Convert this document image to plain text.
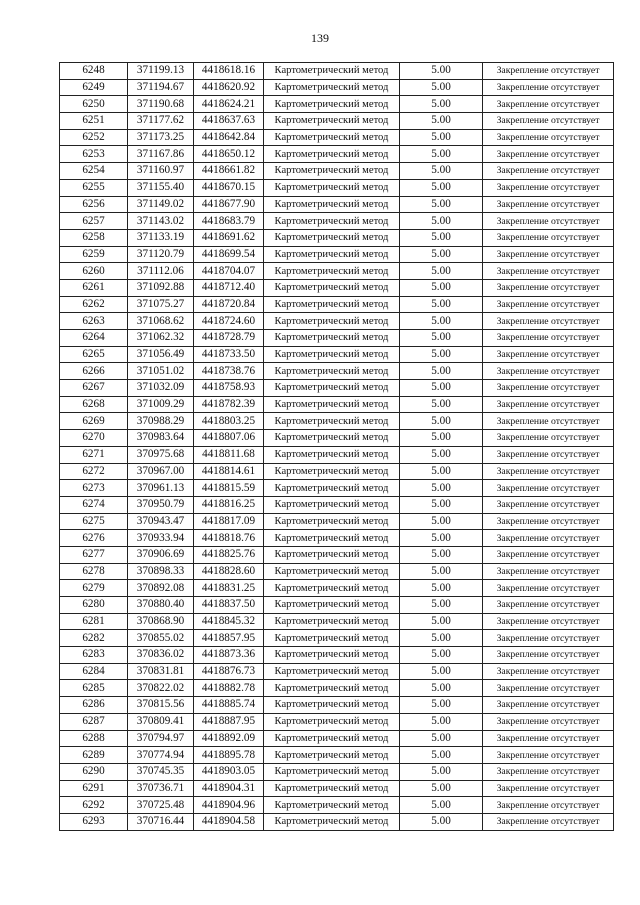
139
6248	371199.13	4418618.16	Картометрический метод	5.00	Закрепление отсутствует
6249	371194.67	4418620.92	Картометрический метод	5.00	Закрепление отсутствует
6250	371190.68	4418624.21	Картометрический метод	5.00	Закрепление отсутствует
6251	371177.62	4418637.63	Картометрический метод	5.00	Закрепление отсутствует
6252	371173.25	4418642.84	Картометрический метод	5.00	Закрепление отсутствует
6253	371167.86	4418650.12	Картометрический метод	5.00	Закрепление отсутствует
6254	371160.97	4418661.82	Картометрический метод	5.00	Закрепление отсутствует
6255	371155.40	4418670.15	Картометрический метод	5.00	Закрепление отсутствует
6256	371149.02	4418677.90	Картометрический метод	5.00	Закрепление отсутствует
6257	371143.02	4418683.79	Картометрический метод	5.00	Закрепление отсутствует
6258	371133.19	4418691.62	Картометрический метод	5.00	Закрепление отсутствует
6259	371120.79	4418699.54	Картометрический метод	5.00	Закрепление отсутствует
6260	371112.06	4418704.07	Картометрический метод	5.00	Закрепление отсутствует
6261	371092.88	4418712.40	Картометрический метод	5.00	Закрепление отсутствует
6262	371075.27	4418720.84	Картометрический метод	5.00	Закрепление отсутствует
6263	371068.62	4418724.60	Картометрический метод	5.00	Закрепление отсутствует
6264	371062.32	4418728.79	Картометрический метод	5.00	Закрепление отсутствует
6265	371056.49	4418733.50	Картометрический метод	5.00	Закрепление отсутствует
6266	371051.02	4418738.76	Картометрический метод	5.00	Закрепление отсутствует
6267	371032.09	4418758.93	Картометрический метод	5.00	Закрепление отсутствует
6268	371009.29	4418782.39	Картометрический метод	5.00	Закрепление отсутствует
6269	370988.29	4418803.25	Картометрический метод	5.00	Закрепление отсутствует
6270	370983.64	4418807.06	Картометрический метод	5.00	Закрепление отсутствует
6271	370975.68	4418811.68	Картометрический метод	5.00	Закрепление отсутствует
6272	370967.00	4418814.61	Картометрический метод	5.00	Закрепление отсутствует
6273	370961.13	4418815.59	Картометрический метод	5.00	Закрепление отсутствует
6274	370950.79	4418816.25	Картометрический метод	5.00	Закрепление отсутствует
6275	370943.47	4418817.09	Картометрический метод	5.00	Закрепление отсутствует
6276	370933.94	4418818.76	Картометрический метод	5.00	Закрепление отсутствует
6277	370906.69	4418825.76	Картометрический метод	5.00	Закрепление отсутствует
6278	370898.33	4418828.60	Картометрический метод	5.00	Закрепление отсутствует
6279	370892.08	4418831.25	Картометрический метод	5.00	Закрепление отсутствует
6280	370880.40	4418837.50	Картометрический метод	5.00	Закрепление отсутствует
6281	370868.90	4418845.32	Картометрический метод	5.00	Закрепление отсутствует
6282	370855.02	4418857.95	Картометрический метод	5.00	Закрепление отсутствует
6283	370836.02	4418873.36	Картометрический метод	5.00	Закрепление отсутствует
6284	370831.81	4418876.73	Картометрический метод	5.00	Закрепление отсутствует
6285	370822.02	4418882.78	Картометрический метод	5.00	Закрепление отсутствует
6286	370815.56	4418885.74	Картометрический метод	5.00	Закрепление отсутствует
6287	370809.41	4418887.95	Картометрический метод	5.00	Закрепление отсутствует
6288	370794.97	4418892.09	Картометрический метод	5.00	Закрепление отсутствует
6289	370774.94	4418895.78	Картометрический метод	5.00	Закрепление отсутствует
6290	370745.35	4418903.05	Картометрический метод	5.00	Закрепление отсутствует
6291	370736.71	4418904.31	Картометрический метод	5.00	Закрепление отсутствует
6292	370725.48	4418904.96	Картометрический метод	5.00	Закрепление отсутствует
6293	370716.44	4418904.58	Картометрический метод	5.00	Закрепление отсутствует
